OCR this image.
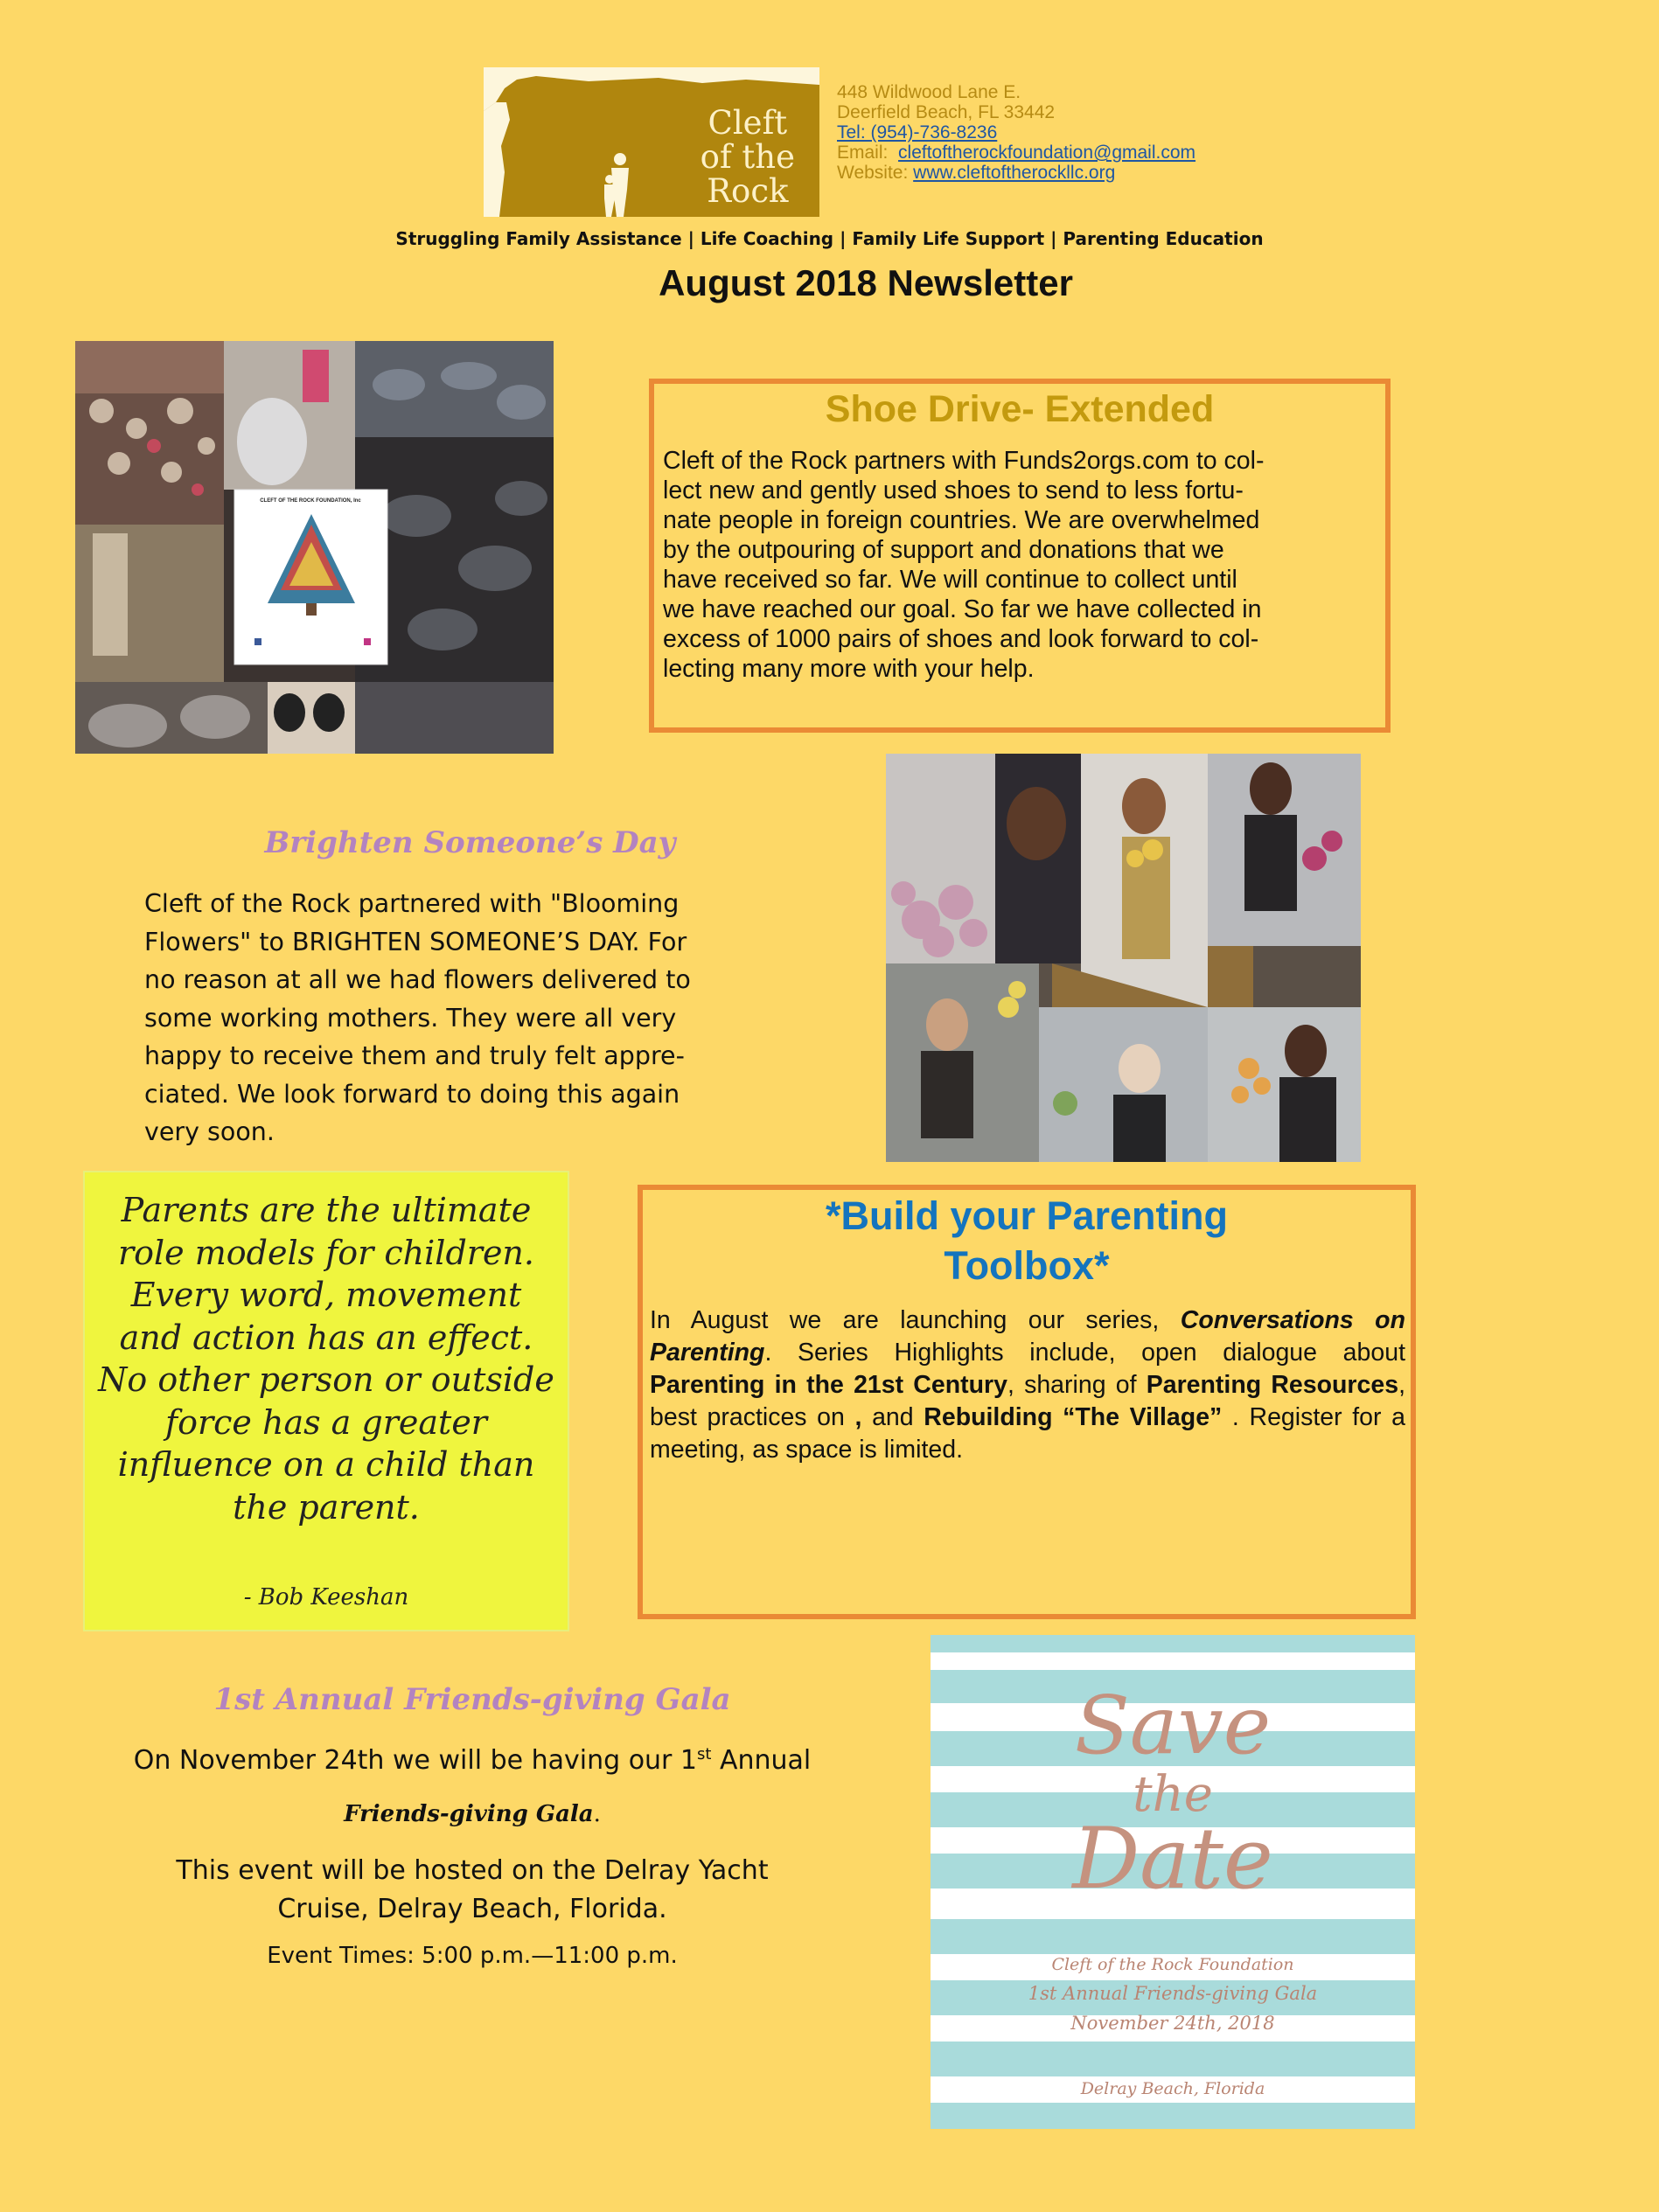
Cleft
of the
Rock
448 Wildwood Lane E.
Deerfield Beach, FL 33442
Tel: (954)-736-8236
Email: cleftoftherockfoundation@gmail.com
Website: www.cleftoftherockllc.org
Struggling Family Assistance | Life Coaching | Family Life Support | Parenting Education
August 2018 Newsletter
CLEFT OF THE ROCK FOUNDATION, Inc
Shoe Drive- Extended
Cleft of the Rock partners with Funds2orgs.com to col-
lect new and gently used shoes to send to less fortu-
nate people in foreign countries. We are overwhelmed
by the outpouring of support and donations that we
have received so far. We will continue to collect until
we have reached our goal. So far we have collected in
excess of 1000 pairs of shoes and look forward to col-
lecting many more with your help.
Brighten Someone’s Day
Cleft of the Rock partnered with "Blooming
Flowers" to BRIGHTEN SOMEONE’S DAY. For
no reason at all we had flowers delivered to
some working mothers. They were all very
happy to receive them and truly felt appre-
ciated. We look forward to doing this again
very soon.
Parents are the ultimate
role models for children.
Every word, movement
and action has an effect.
No other person or outside
force has a greater
influence on a child than
the parent.
- Bob Keeshan
*Build your Parenting
Toolbox*
In August we are launching our series, Conversations on Parenting. Series Highlights include, open dialogue about Parenting in the 21st Century, sharing of Parenting Resources, best practices on , and Rebuilding “The Village” . Register for a meeting, as space is limited.
1st Annual Friends-giving Gala
On November 24th we will be having our 1st Annual
Friends-giving Gala.
This event will be hosted on the Delray Yacht
Cruise, Delray Beach, Florida.
Event Times: 5:00 p.m.—11:00 p.m.
Save
the
Date
Cleft of the Rock Foundation
1st Annual Friends-giving Gala
November 24th, 2018
Delray Beach, Florida
